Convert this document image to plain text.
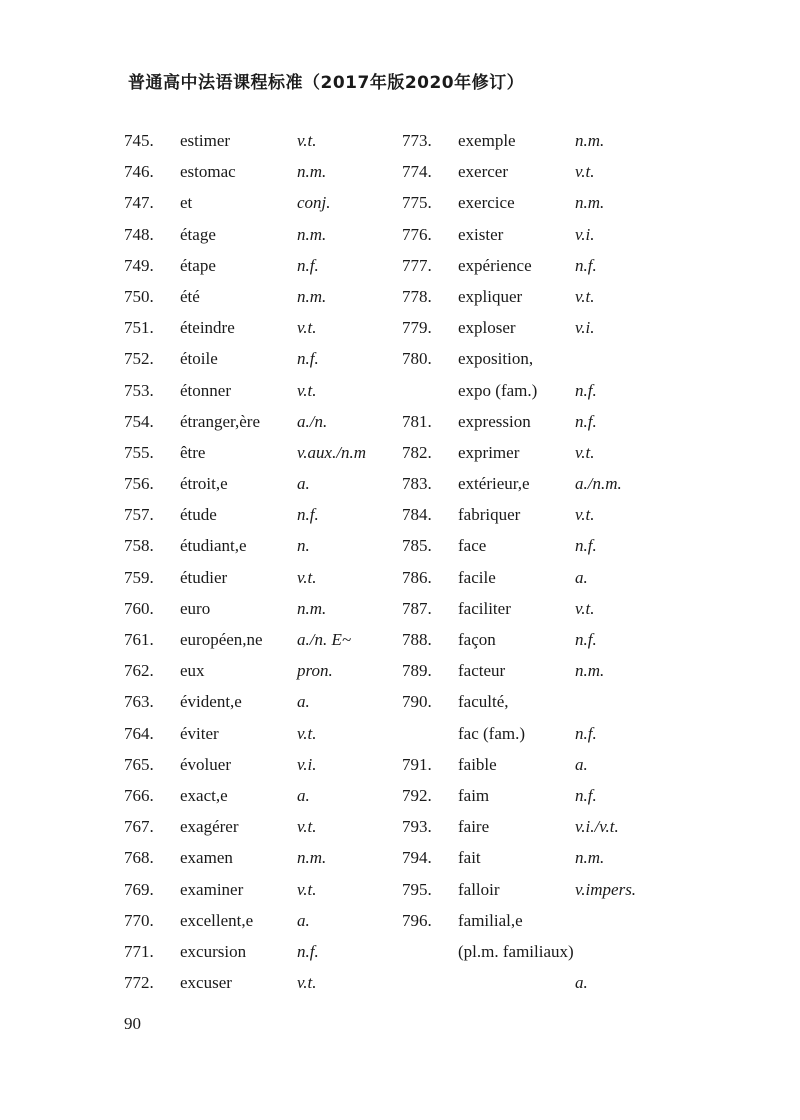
普通高中法语课程标准（2017年版2020年修订）
745. estimer	v.t.
746. estomac	n.m.
747. et	conj.
748. étage	n.m.
749. étape	n.f.
750. été	n.m.
751. éteindre	v.t.
752. étoile	n.f.
753. étonner	v.t.
754. étranger,ère a./n.
755. être	v.aux./n.m
756. étroit,e	a.
757. étude	n.f.
758. étudiant,e	n.
759. étudier	v.t.
760. euro	n.m.
761. européen,ne a./n. E~
762. eux	pron.
763. évident,e	a.
764. éviter	v.t.
765. évoluer	v.i.
766. exact,e	a.
767. exagérer	v.t.
768. examen	n.m.
769. examiner	v.t.
770. excellent,e	a.
771. excursion	n.f.
772. excuser	v.t.
773. exemple	n.m.
774. exercer	v.t.
775. exercice	n.m.
776. exister	v.i.
777. expérience	n.f.
778. expliquer	v.t.
779. exploser	v.i.
780. exposition,
expo (fam.) n.f.
781. expression	n.f.
782. exprimer	v.t.
783. extérieur,e	a./n.m.
784. fabriquer	v.t.
785. face	n.f.
786. facile	a.
787. faciliter	v.t.
788. façon	n.f.
789. facteur	n.m.
790. faculté,
fac (fam.)	n.f.
791. faible	a.
792. faim	n.f.
793. faire	v.i./v.t.
794. fait	n.m.
795. falloir	v.impers.
796. familial,e
(pl.m. familiaux)
a.
90
